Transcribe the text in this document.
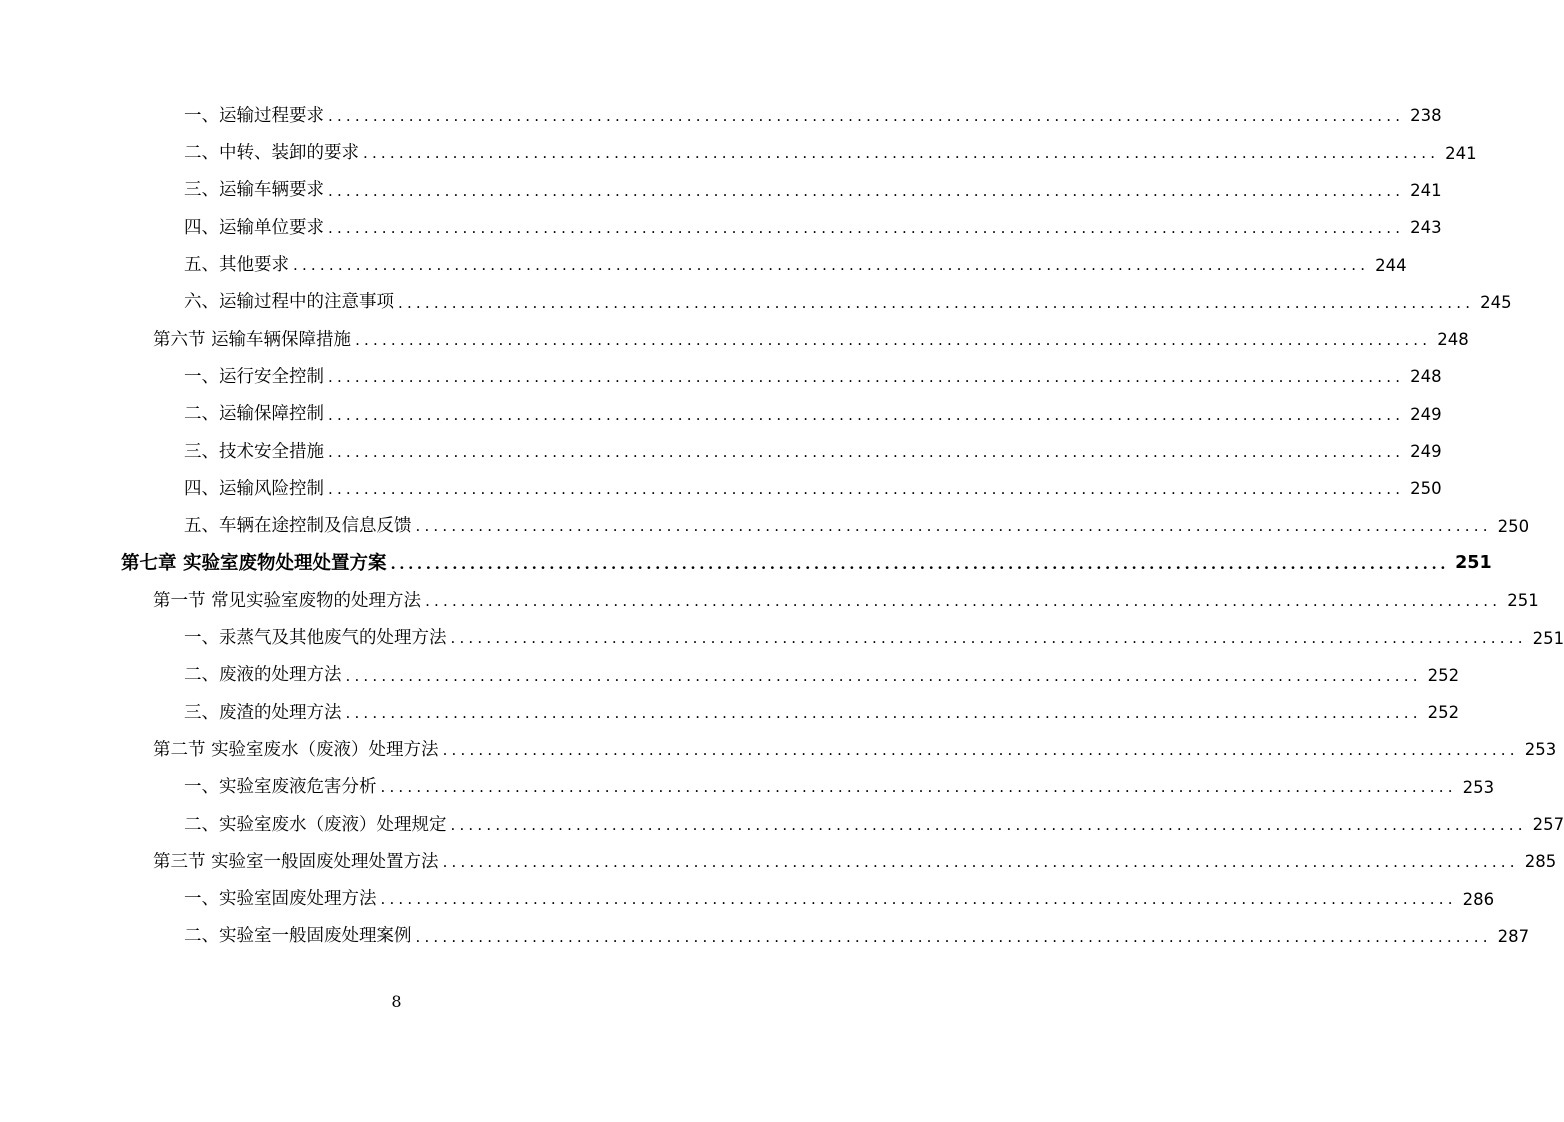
一、运输过程要求 ........................................................................................................................ 238
二、中转、装卸的要求 ........................................................................................................................ 241
三、运输车辆要求 ........................................................................................................................ 241
四、运输单位要求 ........................................................................................................................ 243
五、其他要求 ........................................................................................................................ 244
六、运输过程中的注意事项 ........................................................................................................................ 245
第六节 运输车辆保障措施 ........................................................................................................................ 248
一、运行安全控制 ........................................................................................................................ 248
二、运输保障控制 ........................................................................................................................ 249
三、技术安全措施 ........................................................................................................................ 249
四、运输风险控制 ........................................................................................................................ 250
五、车辆在途控制及信息反馈 ........................................................................................................................ 250
第七章 实验室废物处理处置方案 ........................................................................................................................ 251
第一节 常见实验室废物的处理方法 ........................................................................................................................ 251
一、汞蒸气及其他废气的处理方法 ........................................................................................................................ 251
二、废液的处理方法 ........................................................................................................................ 252
三、废渣的处理方法 ........................................................................................................................ 252
第二节 实验室废水（废液）处理方法 ........................................................................................................................ 253
一、实验室废液危害分析 ........................................................................................................................ 253
二、实验室废水（废液）处理规定 ........................................................................................................................ 257
第三节 实验室一般固废处理处置方法 ........................................................................................................................ 285
一、实验室固废处理方法 ........................................................................................................................ 286
二、实验室一般固废处理案例 ........................................................................................................................ 287
8
